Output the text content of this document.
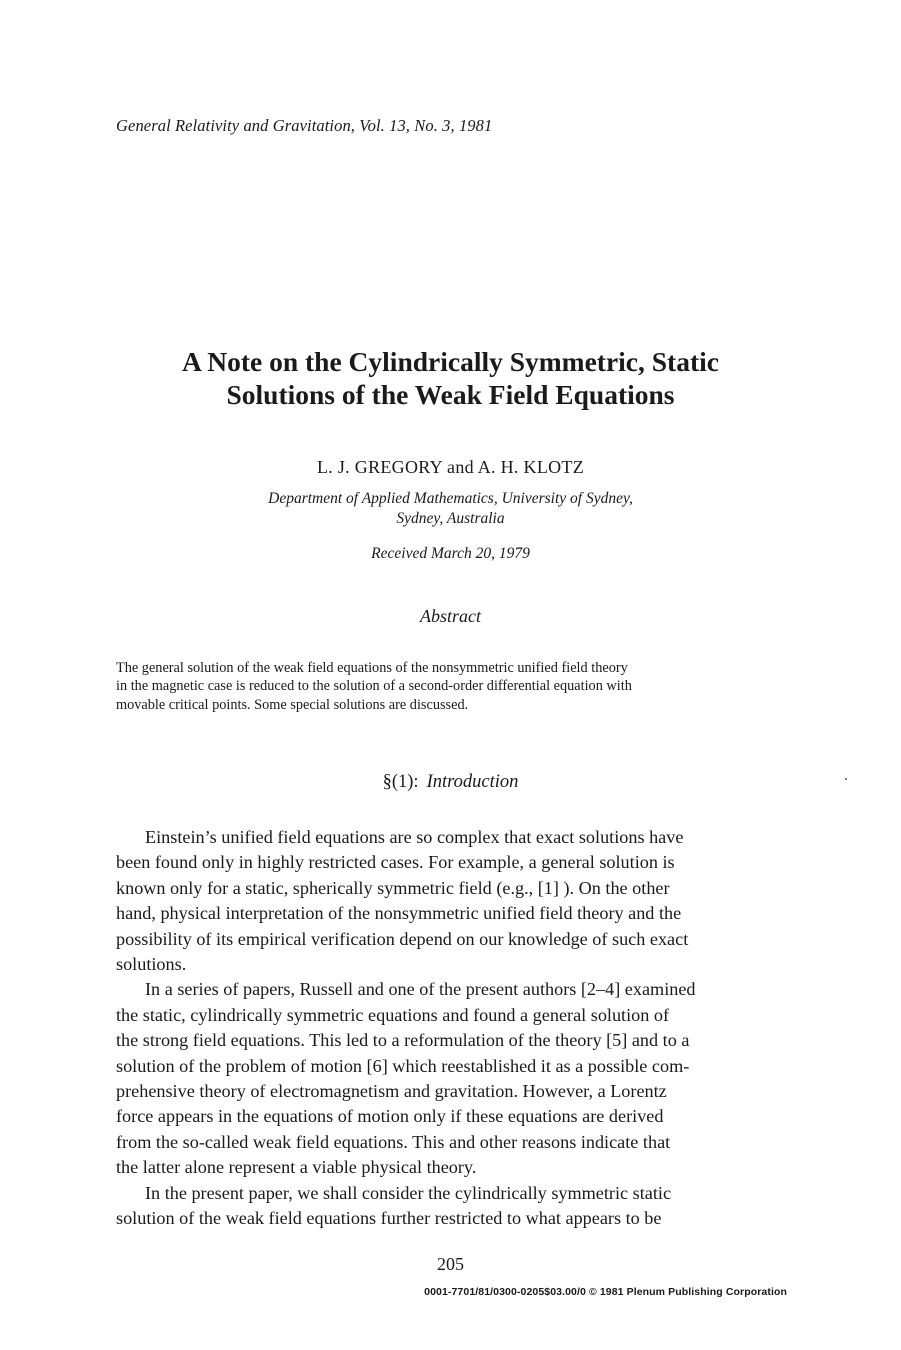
General Relativity and Gravitation, Vol. 13, No. 3, 1981
A Note on the Cylindrically Symmetric, Static
Solutions of the Weak Field Equations
L. J. GREGORY and A. H. KLOTZ
Department of Applied Mathematics, University of Sydney,
Sydney, Australia
Received March 20, 1979
Abstract
The general solution of the weak field equations of the nonsymmetric unified field theory
in the magnetic case is reduced to the solution of a second-order differential equation with
movable critical points. Some special solutions are discussed.
§(1): Introduction
Einstein’s unified field equations are so complex that exact solutions have
been found only in highly restricted cases. For example, a general solution is
known only for a static, spherically symmetric field (e.g., [1] ). On the other
hand, physical interpretation of the nonsymmetric unified field theory and the
possibility of its empirical verification depend on our knowledge of such exact
solutions.
In a series of papers, Russell and one of the present authors [2–4] examined
the static, cylindrically symmetric equations and found a general solution of
the strong field equations. This led to a reformulation of the theory [5] and to a
solution of the problem of motion [6] which reestablished it as a possible com-
prehensive theory of electromagnetism and gravitation. However, a Lorentz
force appears in the equations of motion only if these equations are derived
from the so-called weak field equations. This and other reasons indicate that
the latter alone represent a viable physical theory.
In the present paper, we shall consider the cylindrically symmetric static
solution of the weak field equations further restricted to what appears to be
205
0001-7701/81/0300-0205$03.00/0 © 1981 Plenum Publishing Corporation
